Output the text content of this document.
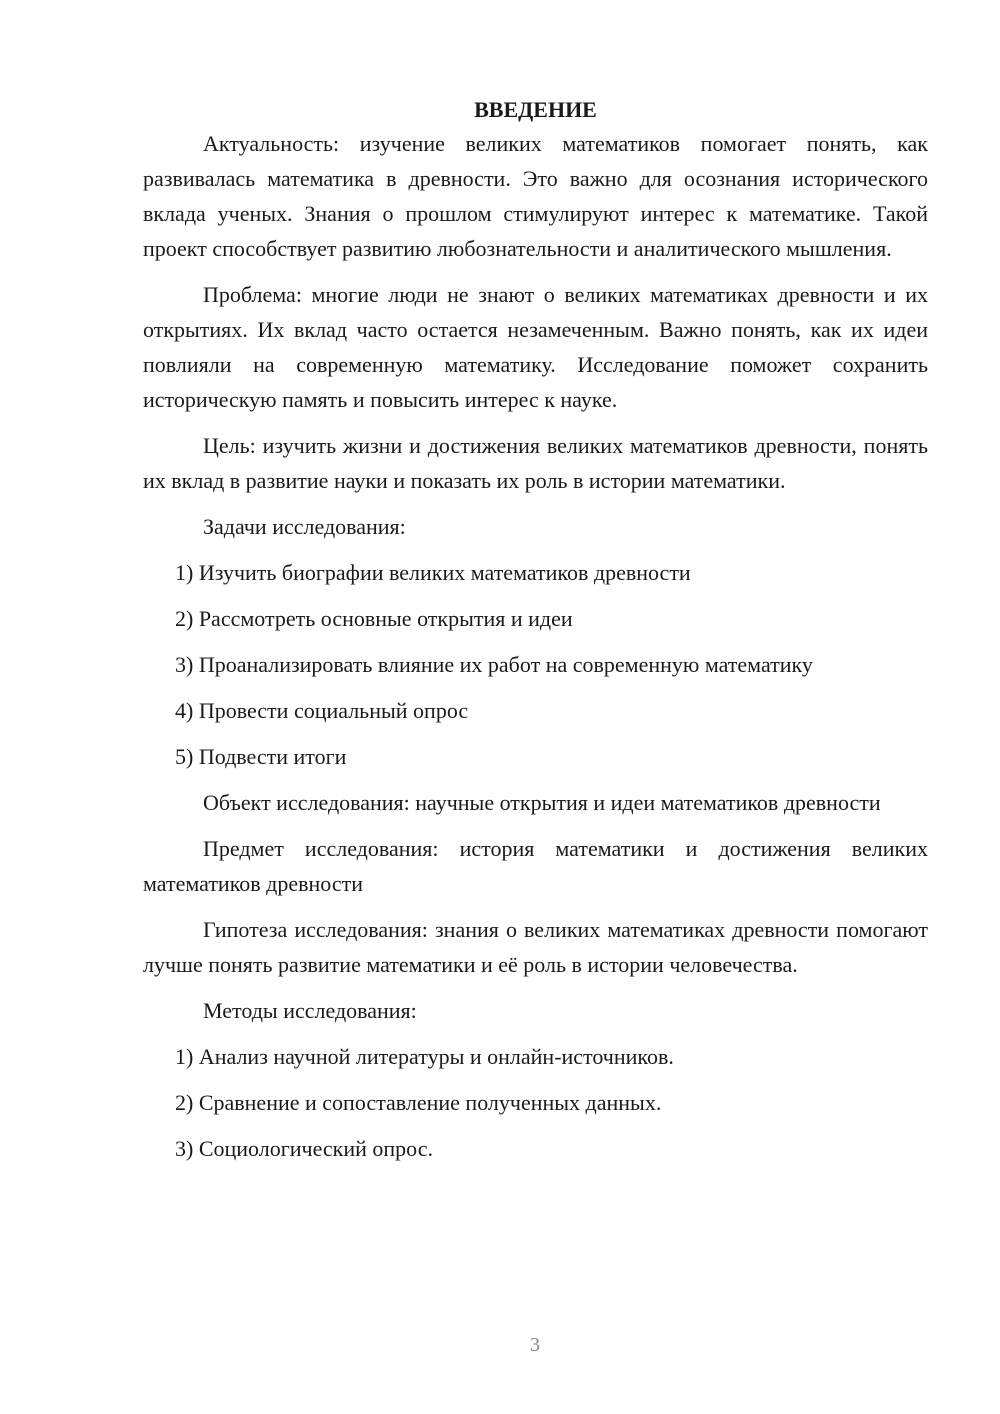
ВВЕДЕНИЕ

Актуальность: изучение великих математиков помогает понять, как развивалась математика в древности. Это важно для осознания исторического вклада ученых. Знания о прошлом стимулируют интерес к математике. Такой проект способствует развитию любознательности и аналитического мышления.

Проблема: многие люди не знают о великих математиках древности и их открытиях. Их вклад часто остается незамеченным. Важно понять, как их идеи повлияли на современную математику. Исследование поможет сохранить историческую память и повысить интерес к науке.

Цель: изучить жизни и достижения великих математиков древности, понять их вклад в развитие науки и показать их роль в истории математики.

Задачи исследования:

1) Изучить биографии великих математиков древности
2) Рассмотреть основные открытия и идеи
3) Проанализировать влияние их работ на современную математику
4) Провести социальный опрос
5) Подвести итоги

Объект исследования: научные открытия и идеи математиков древности

Предмет исследования: история математики и достижения великих математиков древности

Гипотеза исследования: знания о великих математиках древности помогают лучше понять развитие математики и её роль в истории человечества.

Методы исследования:

1) Анализ научной литературы и онлайн-источников.
2) Сравнение и сопоставление полученных данных.
3) Социологический опрос.
3
